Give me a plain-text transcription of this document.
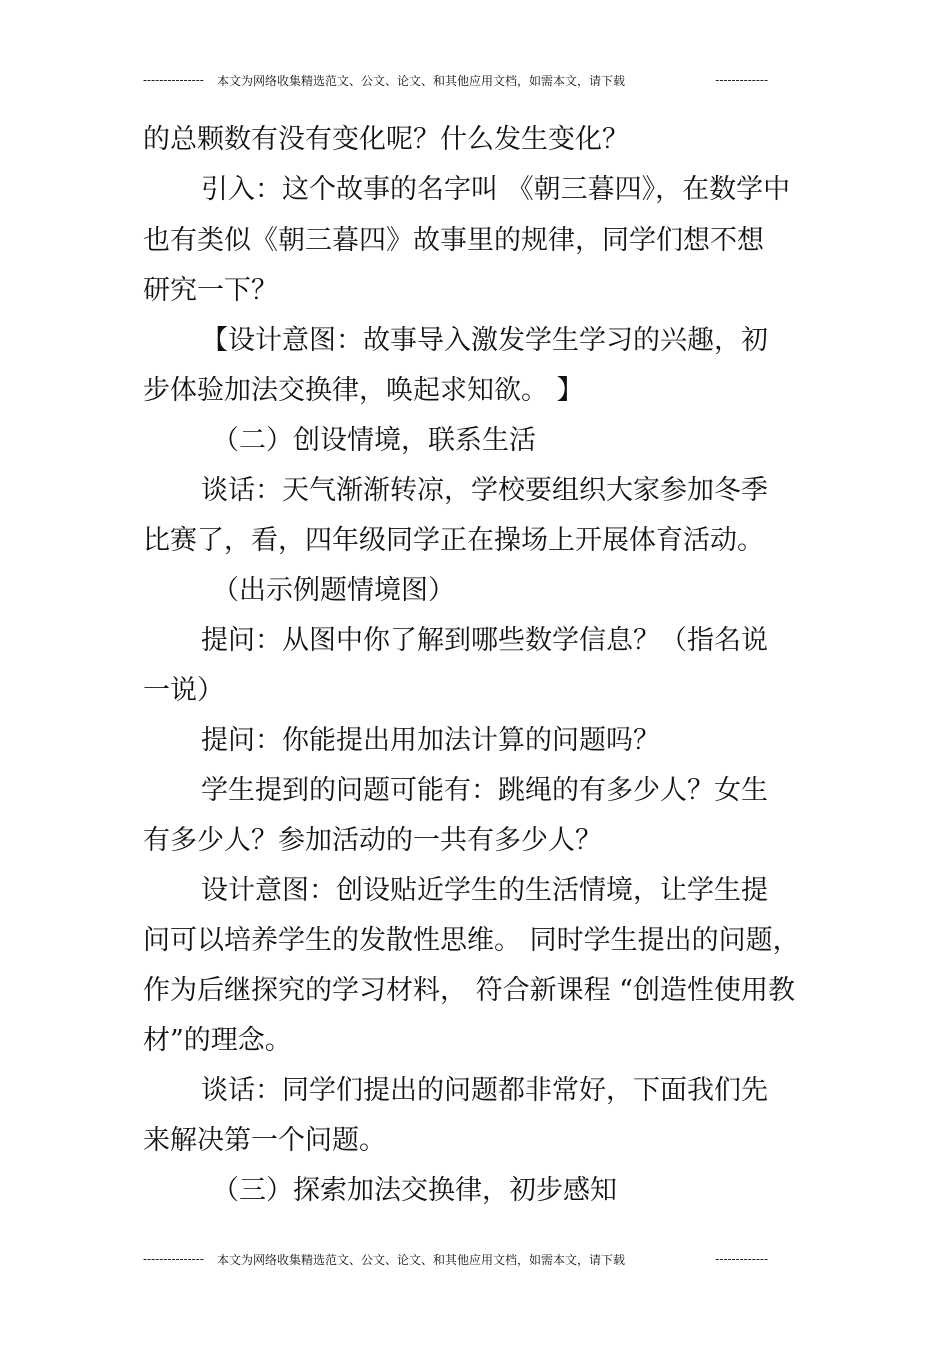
---------------	本文为网络收集精选范文、公文、论文、和其他应用文档，如需本文，请下载	-------------
的总颗数有没有变化呢？什么发生变化？
引入：这个故事的名字叫 《朝三暮四》，在数学中
也有类似《朝三暮四》故事里的规律，同学们想不想
研究一下？
【设计意图：故事导入激发学生学习的兴趣，初
步体验加法交换律，唤起求知欲。 】
（二）创设情境，联系生活
谈话：天气渐渐转凉，学校要组织大家参加冬季
比赛了，看，四年级同学正在操场上开展体育活动。
（出示例题情境图）
提问：从图中你了解到哪些数学信息？（指名说
一说）
提问：你能提出用加法计算的问题吗？
学生提到的问题可能有：跳绳的有多少人？女生
有多少人？参加活动的一共有多少人？
设计意图：创设贴近学生的生活情境，让学生提
问可以培养学生的发散性思维。 同时学生提出的问题，
作为后继探究的学习材料， 符合新课程 “创造性使用教
材”的理念。
谈话：同学们提出的问题都非常好，下面我们先
来解决第一个问题。
（三）探索加法交换律，初步感知
---------------	本文为网络收集精选范文、公文、论文、和其他应用文档，如需本文，请下载	-------------
